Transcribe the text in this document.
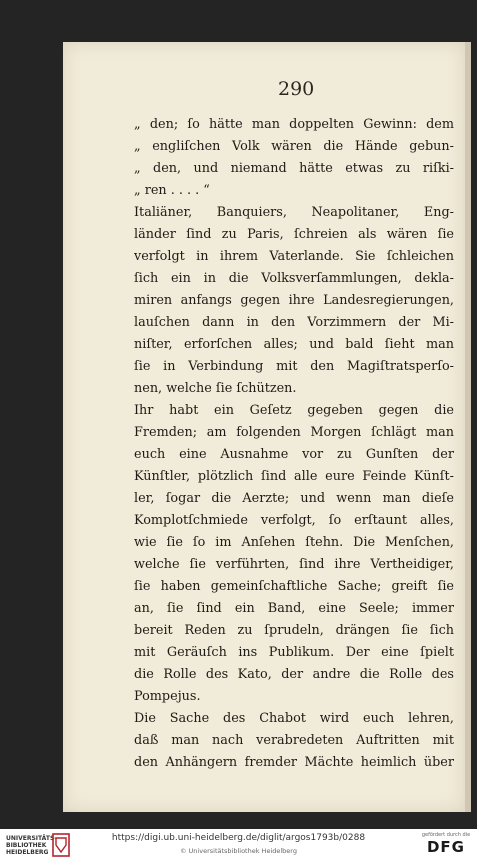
290

„ den; ſo hätte man doppelten Gewinn: dem
„ engliſchen Volk wären die Hände gebun-
„ den, und niemand hätte etwas zu riſki-
„ ren . . . . “
Italiäner, Banquiers, Neapolitaner, Eng-
länder ſind zu Paris, ſchreien als wären ſie
verfolgt in ihrem Vaterlande. Sie ſchleichen
ſich ein in die Volksverſammlungen, dekla-
miren anfangs gegen ihre Landesregierungen,
lauſchen dann in den Vorzimmern der Mi-
niſter, erforſchen alles; und bald ſieht man
ſie in Verbindung mit den Magiſtratsperſo-
nen, welche ſie ſchützen.
Ihr habt ein Geſetz gegeben gegen die
Fremden; am folgenden Morgen ſchlägt man
euch eine Ausnahme vor zu Gunſten der
Künſtler, plötzlich ſind alle eure Feinde Künſt-
ler, ſogar die Aerzte; und wenn man dieſe
Komplotſchmiede verfolgt, ſo erſtaunt alles,
wie ſie ſo im Anſehen ſtehn. Die Menſchen,
welche ſie verführten, ſind ihre Vertheidiger,
ſie haben gemeinſchaftliche Sache; greift ſie
an, ſie ſind ein Band, eine Seele; immer
bereit Reden zu ſprudeln, drängen ſie ſich
mit Geräuſch ins Publikum. Der eine ſpielt
die Rolle des Kato, der andre die Rolle des
Pompejus.
Die Sache des Chabot wird euch lehren,
daß man nach verabredeten Auftritten mit
den Anhängern fremder Mächte heimlich über
UNIVERSITÄTS-
BIBLIOTHEK
HEIDELBERG
https://digi.ub.uni-heidelberg.de/diglit/argos1793b/0288
© Universitätsbibliothek Heidelberg
gefördert durch die
DFG
